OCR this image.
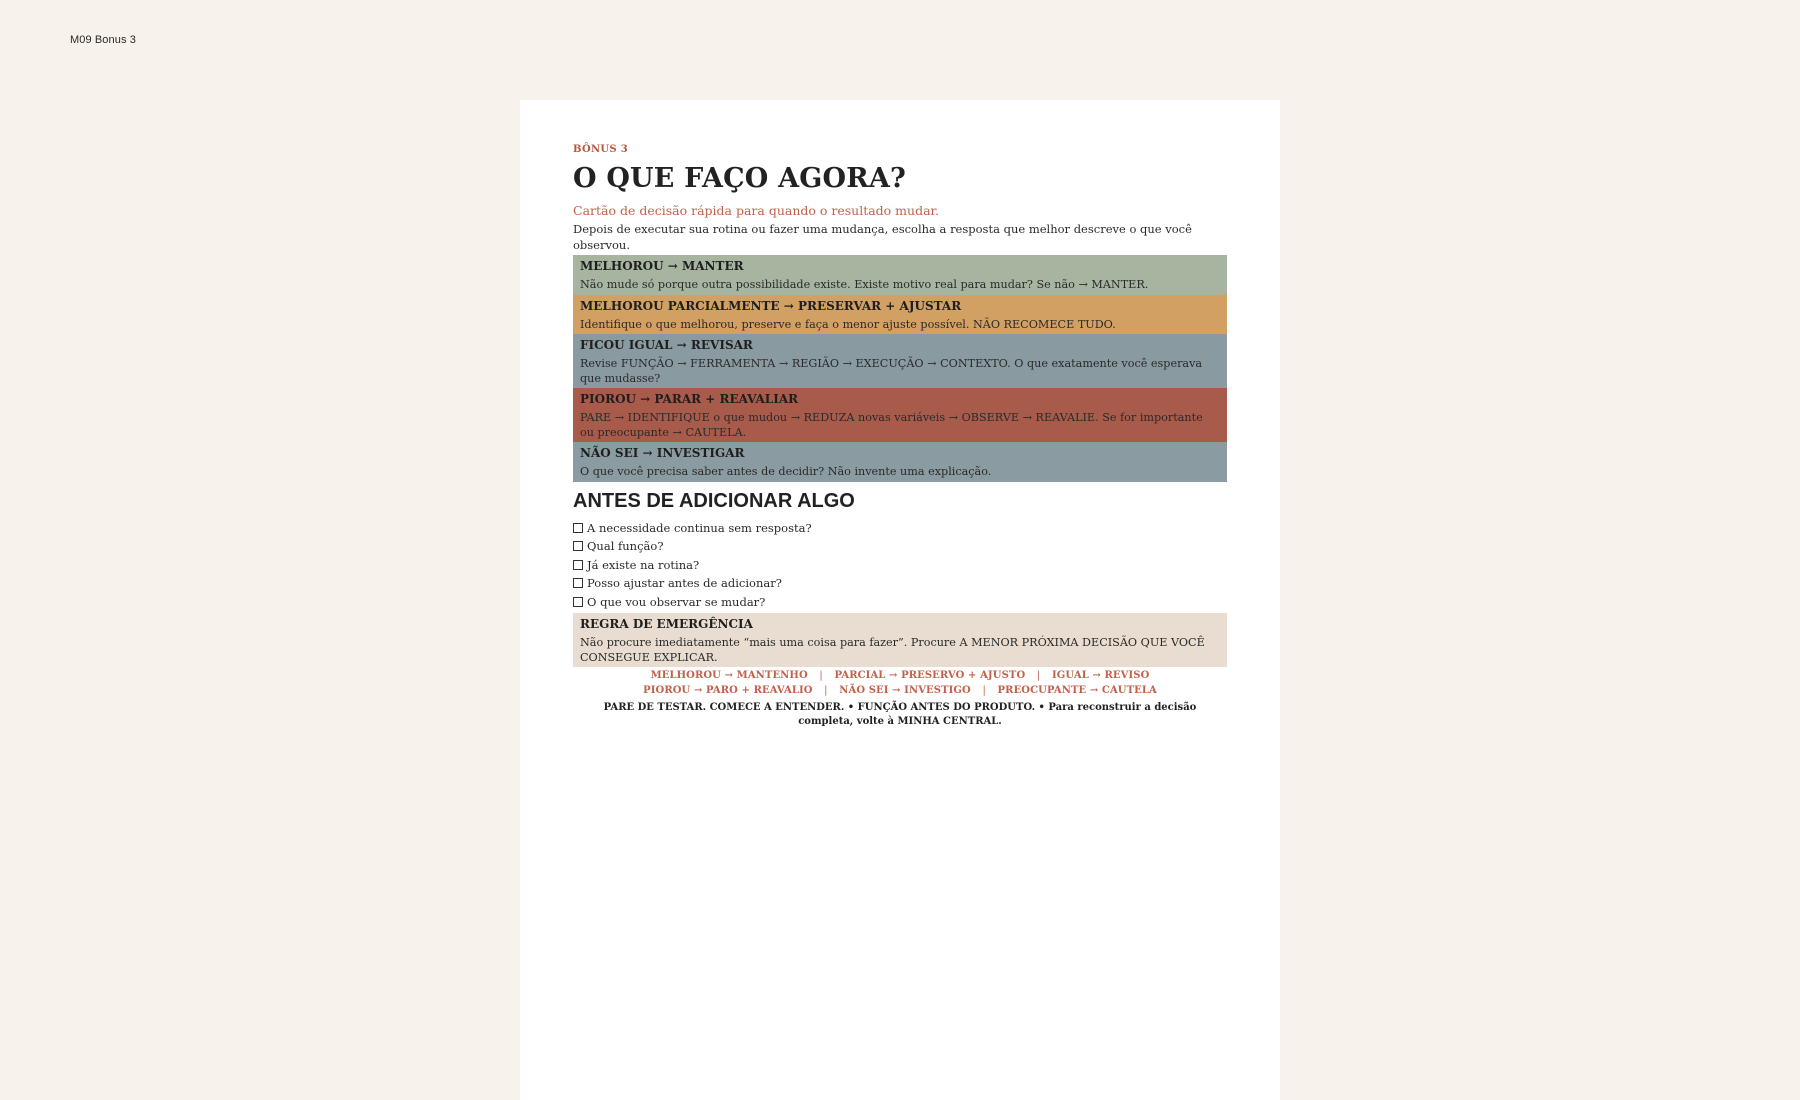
M09 Bonus 3
BÔNUS 3
O QUE FAÇO AGORA?
Cartão de decisão rápida para quando o resultado mudar.
Depois de executar sua rotina ou fazer uma mudança, escolha a resposta que melhor descreve o que você observou.
MELHOROU → MANTER
Não mude só porque outra possibilidade existe. Existe motivo real para mudar? Se não → MANTER.
MELHOROU PARCIALMENTE → PRESERVAR + AJUSTAR
Identifique o que melhorou, preserve e faça o menor ajuste possível. NÃO RECOMECE TUDO.
FICOU IGUAL → REVISAR
Revise FUNÇÃO → FERRAMENTA → REGIÃO → EXECUÇÃO → CONTEXTO. O que exatamente você esperava que mudasse?
PIOROU → PARAR + REAVALIAR
PARE → IDENTIFIQUE o que mudou → REDUZA novas variáveis → OBSERVE → REAVALIE. Se for importante ou preocupante → CAUTELA.
NÃO SEI → INVESTIGAR
O que você precisa saber antes de decidir? Não invente uma explicação.
ANTES DE ADICIONAR ALGO
A necessidade continua sem resposta?
Qual função?
Já existe na rotina?
Posso ajustar antes de adicionar?
O que vou observar se mudar?
REGRA DE EMERGÊNCIA
Não procure imediatamente “mais uma coisa para fazer”. Procure A MENOR PRÓXIMA DECISÃO QUE VOCÊ CONSEGUE EXPLICAR.
MELHOROU → MANTENHO | PARCIAL → PRESERVO + AJUSTO | IGUAL → REVISO
PIOROU → PARO + REAVALIO | NÃO SEI → INVESTIGO | PREOCUPANTE → CAUTELA
PARE DE TESTAR. COMECE A ENTENDER. • FUNÇÃO ANTES DO PRODUTO. • Para reconstruir a decisão completa, volte à MINHA CENTRAL.
